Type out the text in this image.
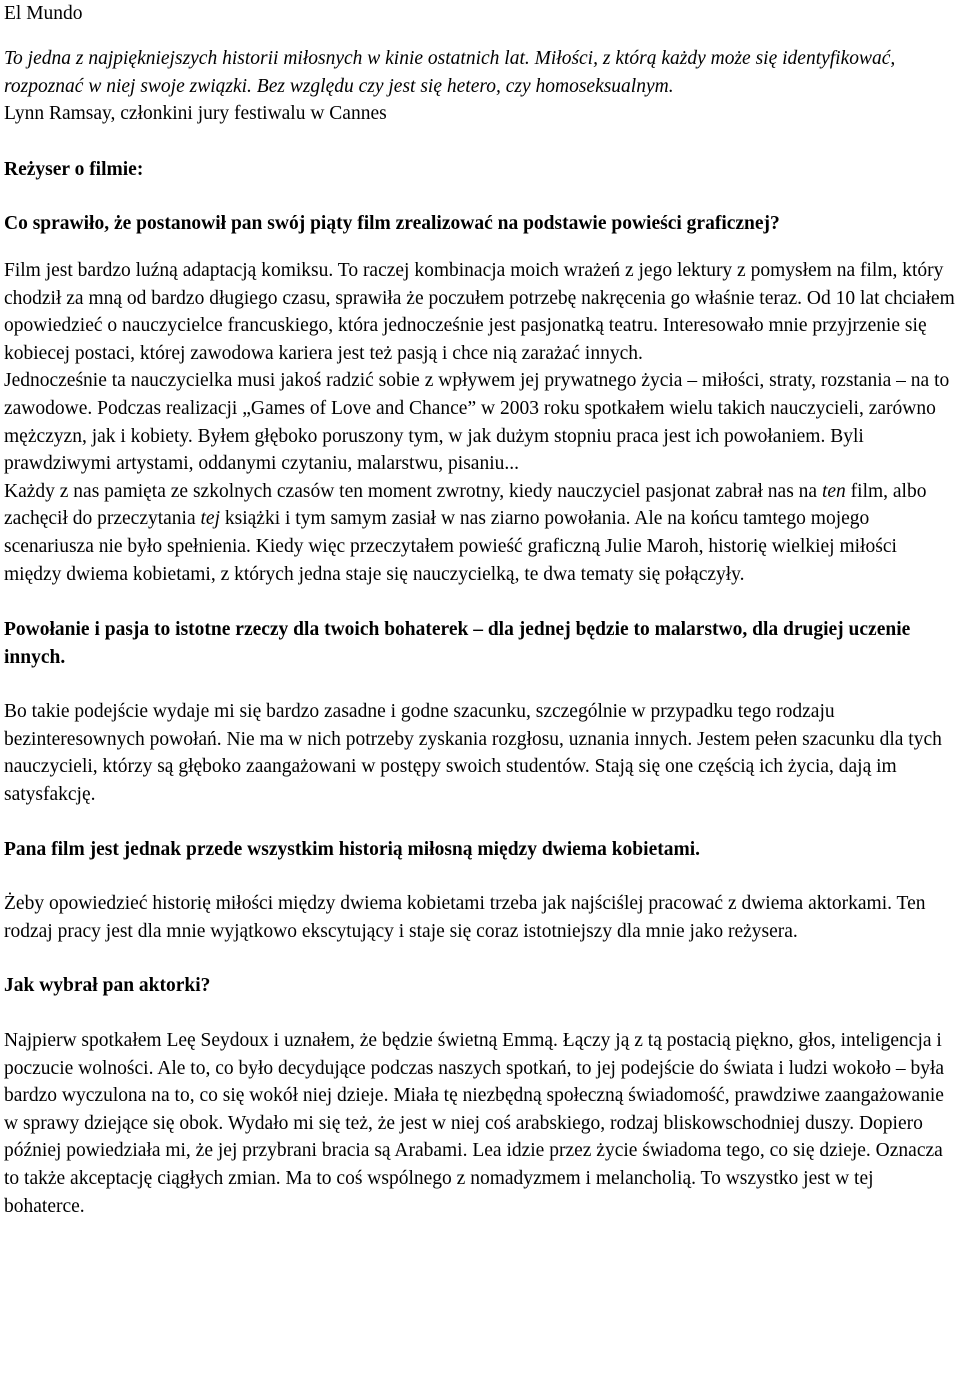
El Mundo

To jedna z najpiękniejszych historii miłosnych w kinie ostatnich lat. Miłości, z którą każdy może się identyfikować, rozpoznać w niej swoje związki. Bez względu czy jest się hetero, czy homoseksualnym.

Lynn Ramsay, członkini jury festiwalu w Cannes

Reżyser o filmie:

Co sprawiło, że postanowił pan swój piąty film zrealizować na podstawie powieści graficznej?

Film jest bardzo luźną adaptacją komiksu. To raczej kombinacja moich wrażeń z jego lektury z pomysłem na film, który chodził za mną od bardzo długiego czasu, sprawiła że poczułem potrzebę nakręcenia go właśnie teraz. Od 10 lat chciałem opowiedzieć o nauczycielce francuskiego, która jednocześnie jest pasjonatką teatru. Interesowało mnie przyjrzenie się kobiecej postaci, której zawodowa kariera jest też pasją i chce nią zarażać innych.

Jednocześnie ta nauczycielka musi jakoś radzić sobie z wpływem jej prywatnego życia – miłości, straty, rozstania – na to zawodowe. Podczas realizacji „Games of Love and Chance” w 2003 roku spotkałem wielu takich nauczycieli, zarówno mężczyzn, jak i kobiety. Byłem głęboko poruszony tym, w jak dużym stopniu praca jest ich powołaniem. Byli prawdziwymi artystami, oddanymi czytaniu, malarstwu, pisaniu...

Każdy z nas pamięta ze szkolnych czasów ten moment zwrotny, kiedy nauczyciel pasjonat zabrał nas na ten film, albo zachęcił do przeczytania tej książki i tym samym zasiał w nas ziarno powołania. Ale na końcu tamtego mojego scenariusza nie było spełnienia. Kiedy więc przeczytałem powieść graficzną Julie Maroh, historię wielkiej miłości między dwiema kobietami, z których jedna staje się nauczycielką, te dwa tematy się połączyły.

Powołanie i pasja to istotne rzeczy dla twoich bohaterek – dla jednej będzie to malarstwo, dla drugiej uczenie innych.

Bo takie podejście wydaje mi się bardzo zasadne i godne szacunku, szczególnie w przypadku tego rodzaju bezinteresownych powołań. Nie ma w nich potrzeby zyskania rozgłosu, uznania innych. Jestem pełen szacunku dla tych nauczycieli, którzy są głęboko zaangażowani w postępy swoich studentów. Stają się one częścią ich życia, dają im satysfakcję.

Pana film jest jednak przede wszystkim historią miłosną między dwiema kobietami.

Żeby opowiedzieć historię miłości między dwiema kobietami trzeba jak najściślej pracować z dwiema aktorkami. Ten rodzaj pracy jest dla mnie wyjątkowo ekscytujący i staje się coraz istotniejszy dla mnie jako reżysera.

Jak wybrał pan aktorki?

Najpierw spotkałem Leę Seydoux i uznałem, że będzie świetną Emmą. Łączy ją z tą postacią piękno, głos, inteligencja i poczucie wolności. Ale to, co było decydujące podczas naszych spotkań, to jej podejście do świata i ludzi wokoło – była bardzo wyczulona na to, co się wokół niej dzieje. Miała tę niezbędną społeczną świadomość, prawdziwe zaangażowanie w sprawy dziejące się obok. Wydało mi się też, że jest w niej coś arabskiego, rodzaj bliskowschodniej duszy. Dopiero później powiedziała mi, że jej przybrani bracia są Arabami. Lea idzie przez życie świadoma tego, co się dzieje. Oznacza to także akceptację ciągłych zmian. Ma to coś wspólnego z nomadyzmem i melancholią. To wszystko jest w tej bohaterce.
